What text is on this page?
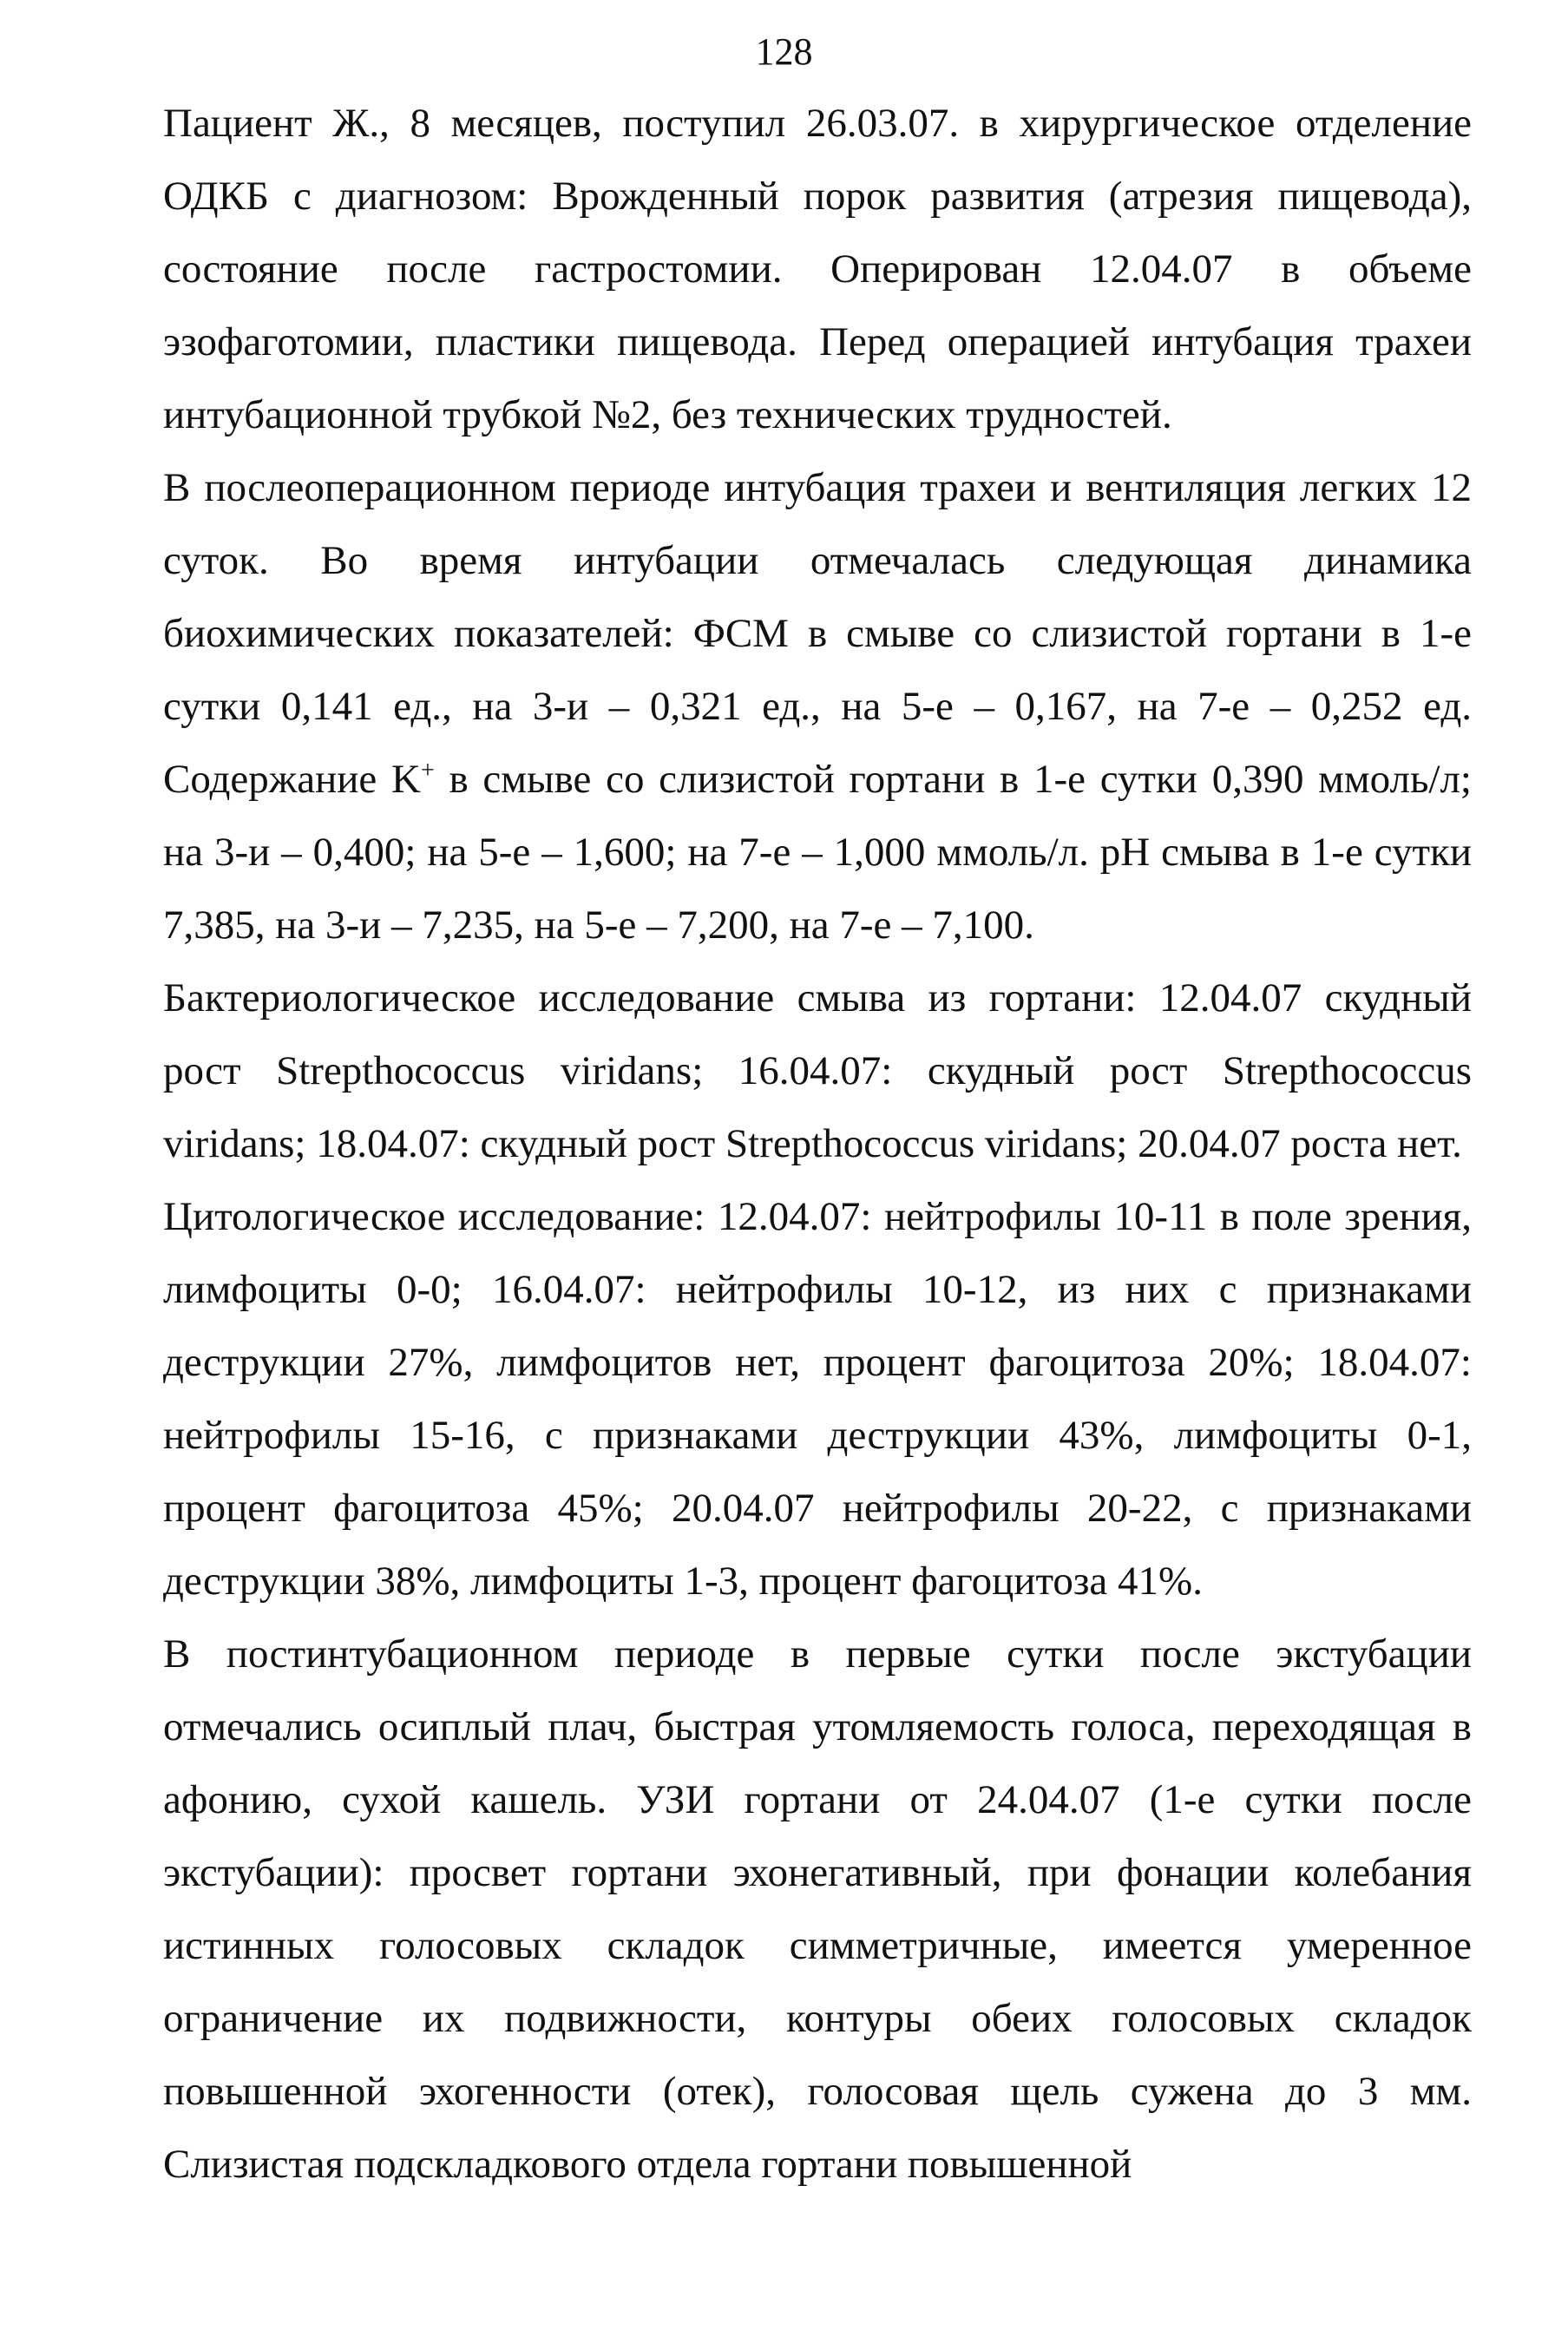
128

Пациент Ж., 8 месяцев, поступил 26.03.07. в хирургическое отделение ОДКБ с диагнозом: Врожденный порок развития (атрезия пищевода), состояние после гастростомии. Оперирован 12.04.07 в объеме эзофаготомии, пластики пищевода. Перед операцией интубация трахеи интубационной трубкой №2, без технических трудностей.

В послеоперационном периоде интубация трахеи и вентиляция легких 12 суток. Во время интубации отмечалась следующая динамика биохимических показателей: ФСМ в смыве со слизистой гортани в 1-е сутки 0,141 ед., на 3-и – 0,321 ед., на 5-е – 0,167, на 7-е – 0,252 ед. Содержание K+ в смыве со слизистой гортани в 1-е сутки 0,390 ммоль/л; на 3-и – 0,400; на 5-е – 1,600; на 7-е – 1,000 ммоль/л. pH смыва в 1-е сутки 7,385, на 3-и – 7,235, на 5-е – 7,200, на 7-е – 7,100.

Бактериологическое исследование смыва из гортани: 12.04.07 скудный рост Strepthococcus viridans; 16.04.07: скудный рост Strepthococcus viridans; 18.04.07: скудный рост Strepthococcus viridans; 20.04.07 роста нет.

Цитологическое исследование: 12.04.07: нейтрофилы 10-11 в поле зрения, лимфоциты 0-0; 16.04.07: нейтрофилы 10-12, из них с признаками деструкции 27%, лимфоцитов нет, процент фагоцитоза 20%; 18.04.07: нейтрофилы 15-16, с признаками деструкции 43%, лимфоциты 0-1, процент фагоцитоза 45%; 20.04.07 нейтрофилы 20-22, с признаками деструкции 38%, лимфоциты 1-3, процент фагоцитоза 41%.

В постинтубационном периоде в первые сутки после экстубации отмечались осиплый плач, быстрая утомляемость голоса, переходящая в афонию, сухой кашель. УЗИ гортани от 24.04.07 (1-е сутки после экстубации): просвет гортани эхонегативный, при фонации колебания истинных голосовых складок симметричные, имеется умеренное ограничение их подвижности, контуры обеих голосовых складок повышенной эхогенности (отек), голосовая щель сужена до 3 мм. Слизистая подскладкового отдела гортани повышенной
